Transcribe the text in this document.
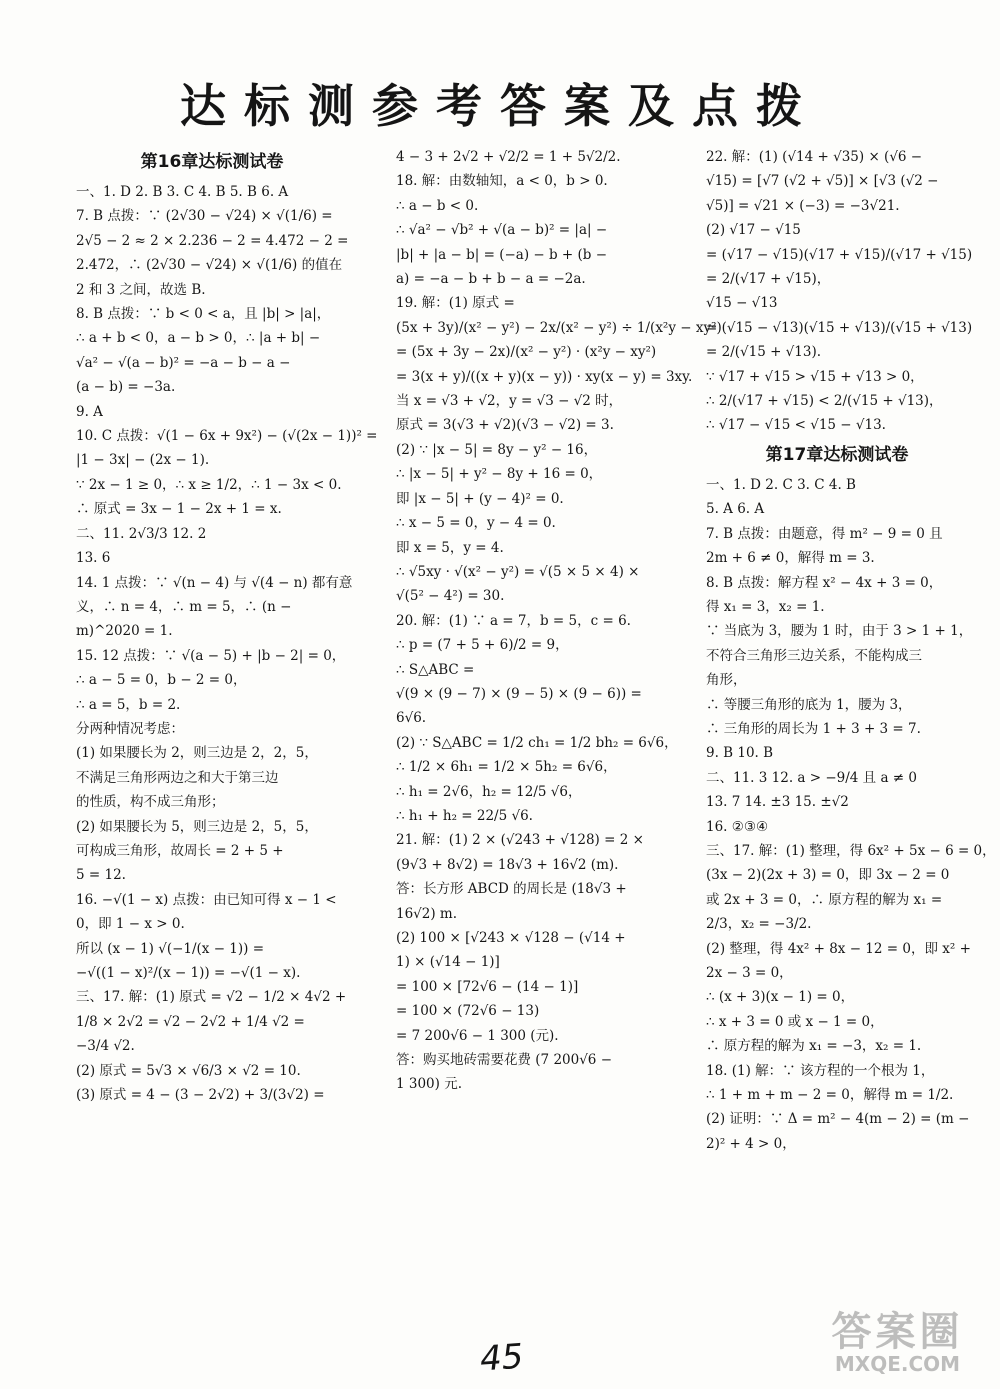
达标测参考答案及点拨

第16章达标测试卷

一、1. D 2. B 3. C 4. B 5. B 6. A

7. B 点拨：∵ (2√30 − √24) × √(1/6) =

2√5 − 2 ≈ 2 × 2.236 − 2 = 4.472 − 2 =

2.472，∴ (2√30 − √24) × √(1/6) 的值在

2 和 3 之间，故选 B.

8. B 点拨：∵ b < 0 < a，且 |b| > |a|，

∴ a + b < 0，a − b > 0，∴ |a + b| −

√a² − √(a − b)² = −a − b − a −

(a − b) = −3a.

9. A

10. C 点拨：√(1 − 6x + 9x²) − (√(2x − 1))² =

|1 − 3x| − (2x − 1).

∵ 2x − 1 ≥ 0，∴ x ≥ 1/2，∴ 1 − 3x < 0.

∴ 原式 = 3x − 1 − 2x + 1 = x.

二、11. 2√3/3 12. 2

13. 6

14. 1 点拨：∵ √(n − 4) 与 √(4 − n) 都有意

义，∴ n = 4，∴ m = 5，∴ (n −

m)^2020 = 1.

15. 12 点拨：∵ √(a − 5) + |b − 2| = 0，

∴ a − 5 = 0，b − 2 = 0，

∴ a = 5，b = 2.

分两种情况考虑：

(1) 如果腰长为 2，则三边是 2，2，5，

不满足三角形两边之和大于第三边

的性质，构不成三角形；

(2) 如果腰长为 5，则三边是 2，5，5，

可构成三角形，故周长 = 2 + 5 +

5 = 12.

16. −√(1 − x) 点拨：由已知可得 x − 1 <

0，即 1 − x > 0.

所以 (x − 1) √(−1/(x − 1)) =

−√((1 − x)²/(x − 1)) = −√(1 − x).

三、17. 解：(1) 原式 = √2 − 1/2 × 4√2 +

1/8 × 2√2 = √2 − 2√2 + 1/4 √2 =

−3/4 √2.

(2) 原式 = 5√3 × √6/3 × √2 = 10.

(3) 原式 = 4 − (3 − 2√2) + 3/(3√2) =

4 − 3 + 2√2 + √2/2 = 1 + 5√2/2.

18. 解：由数轴知，a < 0，b > 0.

∴ a − b < 0.

∴ √a² − √b² + √(a − b)² = |a| −

|b| + |a − b| = (−a) − b + (b −

a) = −a − b + b − a = −2a.

19. 解：(1) 原式 =

(5x + 3y)/(x² − y²) − 2x/(x² − y²) ÷ 1/(x²y − xy²)

= (5x + 3y − 2x)/(x² − y²) · (x²y − xy²)

= 3(x + y)/((x + y)(x − y)) · xy(x − y) = 3xy.

当 x = √3 + √2，y = √3 − √2 时，

原式 = 3(√3 + √2)(√3 − √2) = 3.

(2) ∵ |x − 5| = 8y − y² − 16，

∴ |x − 5| + y² − 8y + 16 = 0，

即 |x − 5| + (y − 4)² = 0.

∴ x − 5 = 0，y − 4 = 0.

即 x = 5，y = 4.

∴ √5xy · √(x² − y²) = √(5 × 5 × 4) ×

√(5² − 4²) = 30.

20. 解：(1) ∵ a = 7，b = 5，c = 6.

∴ p = (7 + 5 + 6)/2 = 9，

∴ S△ABC =

√(9 × (9 − 7) × (9 − 5) × (9 − 6)) =

6√6.

(2) ∵ S△ABC = 1/2 ch₁ = 1/2 bh₂ = 6√6，

∴ 1/2 × 6h₁ = 1/2 × 5h₂ = 6√6，

∴ h₁ = 2√6，h₂ = 12/5 √6，

∴ h₁ + h₂ = 22/5 √6.

21. 解：(1) 2 × (√243 + √128) = 2 ×

(9√3 + 8√2) = 18√3 + 16√2 (m).

答：长方形 ABCD 的周长是 (18√3 +

16√2) m.

(2) 100 × [√243 × √128 − (√14 +

1) × (√14 − 1)]

= 100 × [72√6 − (14 − 1)]

= 100 × (72√6 − 13)

= 7 200√6 − 1 300 (元).

答：购买地砖需要花费 (7 200√6 −

1 300) 元.

22. 解：(1) (√14 + √35) × (√6 −

√15) = [√7 (√2 + √5)] × [√3 (√2 −

√5)] = √21 × (−3) = −3√21.

(2) √17 − √15

= (√17 − √15)(√17 + √15)/(√17 + √15)

= 2/(√17 + √15)，

√15 − √13

= (√15 − √13)(√15 + √13)/(√15 + √13)

= 2/(√15 + √13).

∵ √17 + √15 > √15 + √13 > 0，

∴ 2/(√17 + √15) < 2/(√15 + √13)，

∴ √17 − √15 < √15 − √13.

第17章达标测试卷

一、1. D 2. C 3. C 4. B

5. A 6. A

7. B 点拨：由题意，得 m² − 9 = 0 且

2m + 6 ≠ 0，解得 m = 3.

8. B 点拨：解方程 x² − 4x + 3 = 0，

得 x₁ = 3，x₂ = 1.

∵ 当底为 3，腰为 1 时，由于 3 > 1 + 1，

不符合三角形三边关系，不能构成三

角形，

∴ 等腰三角形的底为 1，腰为 3，

∴ 三角形的周长为 1 + 3 + 3 = 7.

9. B 10. B

二、11. 3 12. a > −9/4 且 a ≠ 0

13. 7 14. ±3 15. ±√2

16. ②③④

三、17. 解：(1) 整理，得 6x² + 5x − 6 = 0，

(3x − 2)(2x + 3) = 0，即 3x − 2 = 0

或 2x + 3 = 0，∴ 原方程的解为 x₁ =

2/3，x₂ = −3/2.

(2) 整理，得 4x² + 8x − 12 = 0，即 x² +

2x − 3 = 0，

∴ (x + 3)(x − 1) = 0，

∴ x + 3 = 0 或 x − 1 = 0，

∴ 原方程的解为 x₁ = −3，x₂ = 1.

18. (1) 解：∵ 该方程的一个根为 1，

∴ 1 + m + m − 2 = 0，解得 m = 1/2.

(2) 证明：∵ Δ = m² − 4(m − 2) = (m −

2)² + 4 > 0，

45
答案圈
MXQE.COM
